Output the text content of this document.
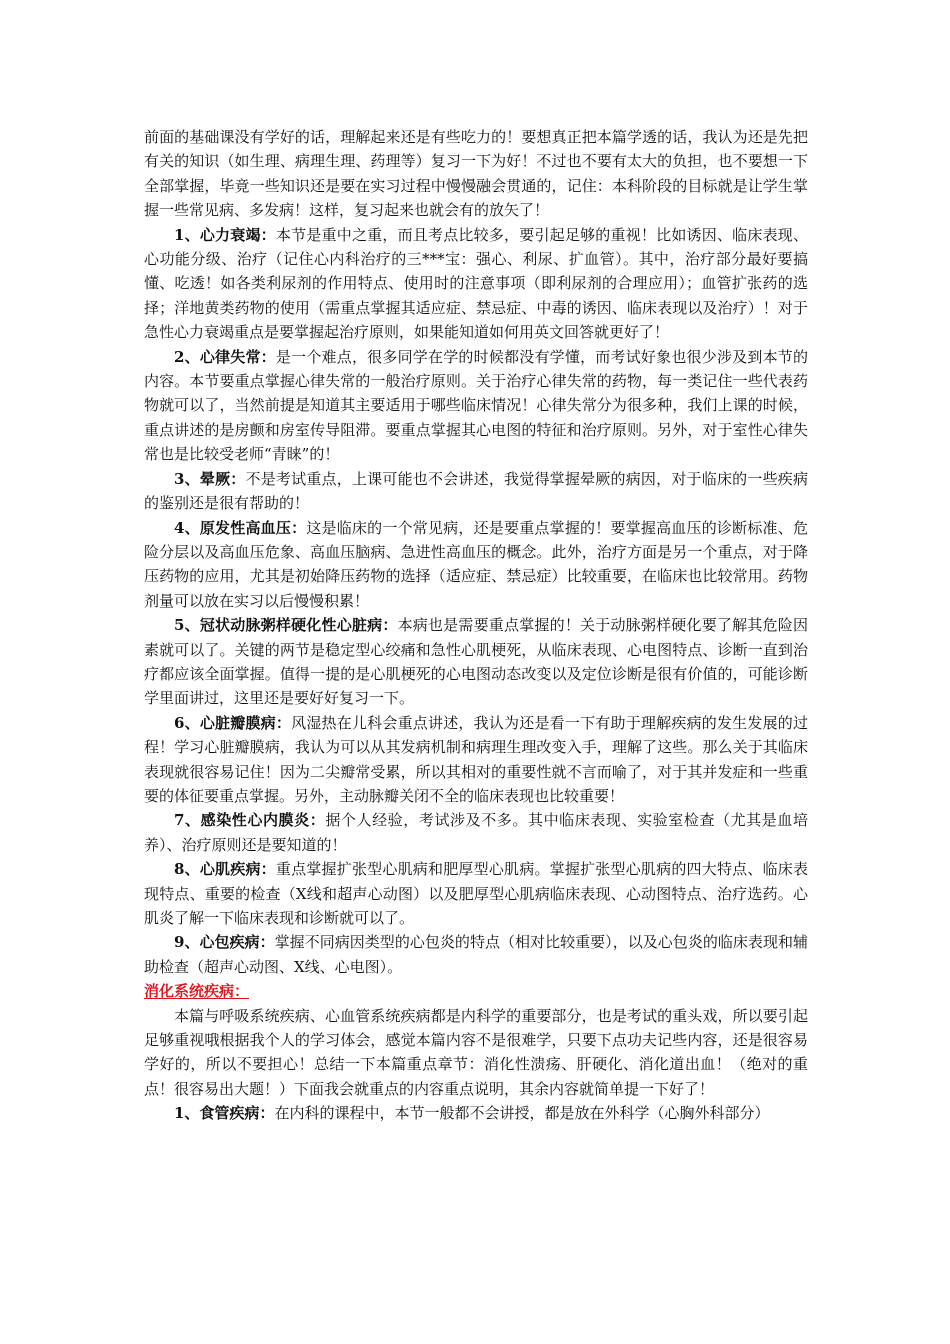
前面的基础课没有学好的话，理解起来还是有些吃力的！要想真正把本篇学透的话，我认为还是先把有关的知识（如生理、病理生理、药理等）复习一下为好！不过也不要有太大的负担，也不要想一下全部掌握，毕竟一些知识还是要在实习过程中慢慢融会贯通的，记住：本科阶段的目标就是让学生掌握一些常见病、多发病！这样，复习起来也就会有的放矢了！

1、心力衰竭：本节是重中之重，而且考点比较多，要引起足够的重视！比如诱因、临床表现、心功能分级、治疗（记住心内科治疗的三***宝：强心、利尿、扩血管）。其中，治疗部分最好要搞懂、吃透！如各类利尿剂的作用特点、使用时的注意事项（即利尿剂的合理应用）；血管扩张药的选择；洋地黄类药物的使用（需重点掌握其适应症、禁忌症、中毒的诱因、临床表现以及治疗）！对于急性心力衰竭重点是要掌握起治疗原则，如果能知道如何用英文回答就更好了！

2、心律失常：是一个难点，很多同学在学的时候都没有学懂，而考试好象也很少涉及到本节的内容。本节要重点掌握心律失常的一般治疗原则。关于治疗心律失常的药物，每一类记住一些代表药物就可以了，当然前提是知道其主要适用于哪些临床情况！心律失常分为很多种，我们上课的时候，重点讲述的是房颤和房室传导阻滞。要重点掌握其心电图的特征和治疗原则。另外，对于室性心律失常也是比较受老师“青睐”的！

3、晕厥：不是考试重点，上课可能也不会讲述，我觉得掌握晕厥的病因，对于临床的一些疾病的鉴别还是很有帮助的！

4、原发性高血压：这是临床的一个常见病，还是要重点掌握的！要掌握高血压的诊断标准、危险分层以及高血压危象、高血压脑病、急进性高血压的概念。此外，治疗方面是另一个重点，对于降压药物的应用，尤其是初始降压药物的选择（适应症、禁忌症）比较重要，在临床也比较常用。药物剂量可以放在实习以后慢慢积累！

5、冠状动脉粥样硬化性心脏病：本病也是需要重点掌握的！关于动脉粥样硬化要了解其危险因素就可以了。关键的两节是稳定型心绞痛和急性心肌梗死，从临床表现、心电图特点、诊断一直到治疗都应该全面掌握。值得一提的是心肌梗死的心电图动态改变以及定位诊断是很有价值的，可能诊断学里面讲过，这里还是要好好复习一下。

6、心脏瓣膜病：风湿热在儿科会重点讲述，我认为还是看一下有助于理解疾病的发生发展的过程！学习心脏瓣膜病，我认为可以从其发病机制和病理生理改变入手，理解了这些。那么关于其临床表现就很容易记住！因为二尖瓣常受累，所以其相对的重要性就不言而喻了，对于其并发症和一些重要的体征要重点掌握。另外，主动脉瓣关闭不全的临床表现也比较重要！

7、感染性心内膜炎：据个人经验，考试涉及不多。其中临床表现、实验室检查（尤其是血培养）、治疗原则还是要知道的！

8、心肌疾病：重点掌握扩张型心肌病和肥厚型心肌病。掌握扩张型心肌病的四大特点、临床表现特点、重要的检查（X线和超声心动图）以及肥厚型心肌病临床表现、心动图特点、治疗选药。心肌炎了解一下临床表现和诊断就可以了。

9、心包疾病：掌握不同病因类型的心包炎的特点（相对比较重要），以及心包炎的临床表现和辅助检查（超声心动图、X线、心电图）。

消化系统疾病：

本篇与呼吸系统疾病、心血管系统疾病都是内科学的重要部分，也是考试的重头戏，所以要引起足够重视哦根据我个人的学习体会，感觉本篇内容不是很难学，只要下点功夫记些内容，还是很容易学好的，所以不要担心！总结一下本篇重点章节：消化性溃疡、肝硬化、消化道出血！（绝对的重点！很容易出大题！）下面我会就重点的内容重点说明，其余内容就简单提一下好了！

1、食管疾病：在内科的课程中，本节一般都不会讲授，都是放在外科学（心胸外科部分）
